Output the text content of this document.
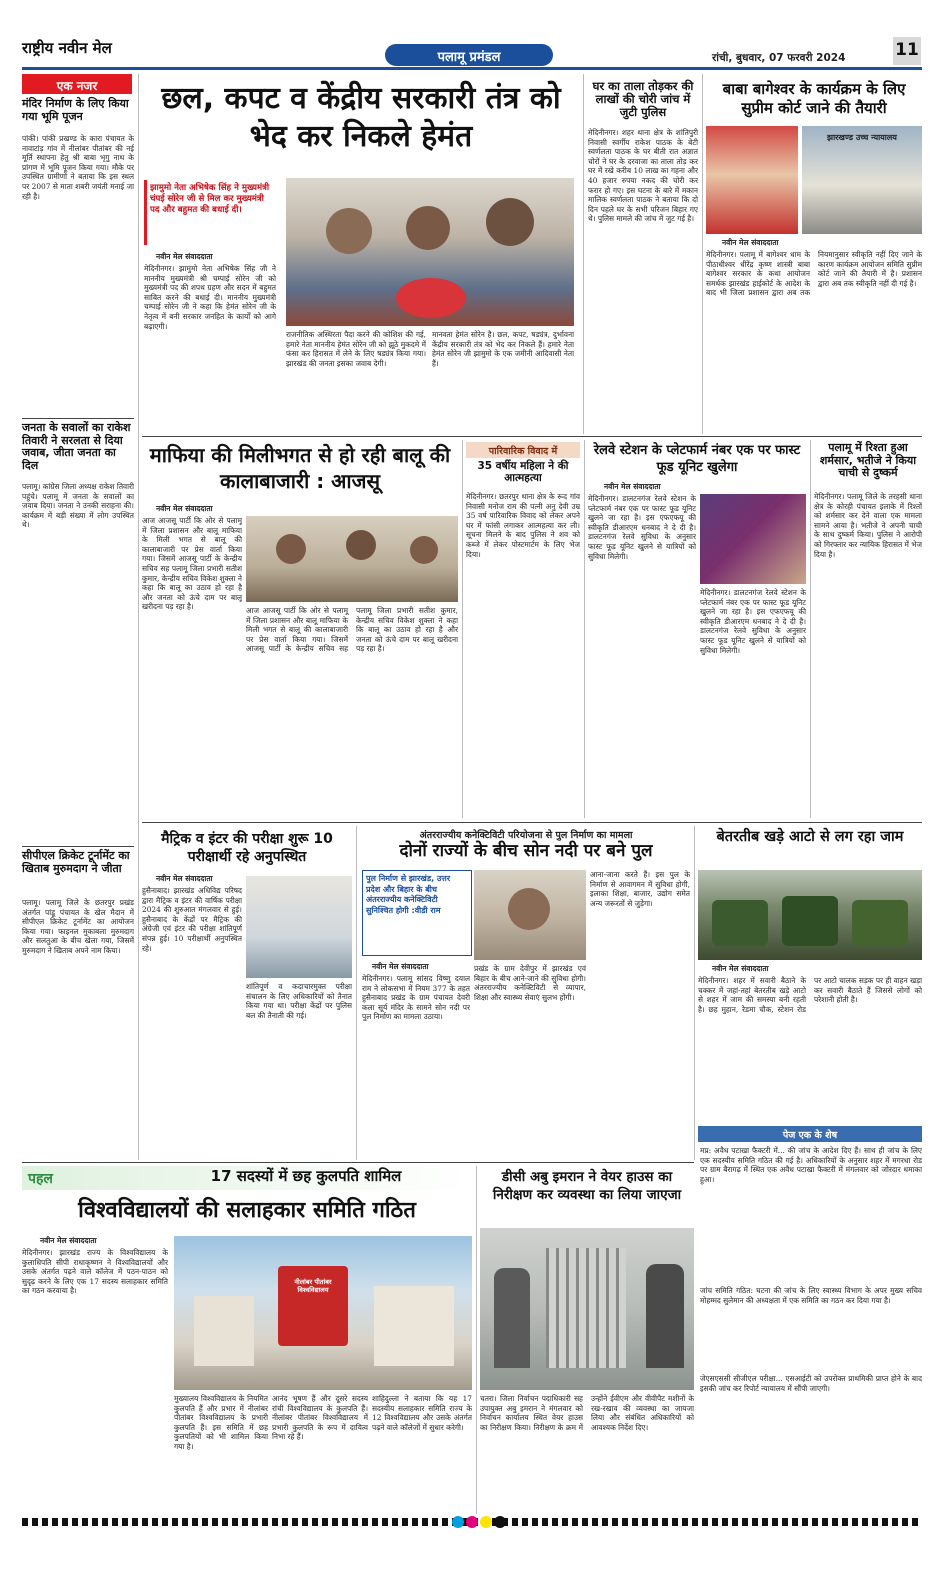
राष्ट्रीय नवीन मेल
पलामू प्रमंडल	रांची, बुधवार, 07 फरवरी 2024	11
एक नजर
मंदिर निर्माण के लिए किया गया भूमि पूजन
पांकी। पांकी प्रखण्ड के कारा पंचायत के नावाटांड़ गांव में नीलांबर पीतांबर की नई मूर्ति स्थापना हेतु श्री बाबा भृगु नाथ के प्रांगण में भूमि पूजन किया गया। मौके पर उपस्थित ग्रामीणों ने बताया कि इस स्थल पर 2007 से माता शबरी जयंती मनाई जा रही है।
जनता के सवालों का राकेश तिवारी ने सरलता से दिया जवाब, जीता जनता का दिल
पलामू। कांग्रेस जिला अध्यक्ष राकेश तिवारी पहुंचे। पलामू में जनता के सवालों का जवाब दिया। जनता ने उनकी सराहना की। कार्यक्रम में बड़ी संख्या में लोग उपस्थित थे।
सीपीएल क्रिकेट टूर्नामेंट का खिताब मुरुमदाग ने जीता
पलामू। पलामू जिले के छतरपुर प्रखंड अंतर्गत पांडू पंचायत के खेल मैदान में सीपीएल क्रिकेट टूर्नामेंट का आयोजन किया गया। फाइनल मुकाबला मुरुमदाग और सलतुआ के बीच खेला गया, जिसमें मुरुमदाग ने खिताब अपने नाम किया।
छल, कपट व केंद्रीय सरकारी तंत्र को भेद कर निकले हेमंत
झामुमो नेता अभिषेक सिंह ने मुख्यमंत्री चंपई सोरेन जी से मिल कर मुख्यमंत्री पद और बहुमत की बधाई दी।
नवीन मेल संवाददाता
मेदिनीनगर। झामुमो नेता अभिषेक सिंह जी ने माननीय मुख्यमंत्री श्री चम्पाई सोरेन जी को मुख्यमंत्री पद की शपथ ग्रहण और सदन में बहुमत साबित करने की बधाई दी। माननीय मुख्यमंत्री चम्पाई सोरेन जी ने कहा कि हेमंत सोरेन जी के नेतृत्व में बनी सरकार जनहित के कार्यों को आगे बढ़ाएगी।
राजनीतिक अस्थिरता पैदा करने की कोशिश की गई, हमारे नेता माननीय हेमंत सोरेन जी को झूठे मुकदमे में फंसा कर हिरासत में लेने के लिए षड्यंत्र किया गया। झारखंड की जनता इसका जवाब देगी।
मानवता हेमंत सोरेन है। छल, कपट, षड्यंत्र, दुर्भावना केंद्रीय सरकारी तंत्र को भेद कर निकले हैं। हमारे नेता हेमंत सोरेन जी झामुमो के एक जमीनी आदिवासी नेता हैं।
घर का ताला तोड़कर की लाखों की चोरी जांच में जुटी पुलिस
मेदिनीनगर। शहर थाना क्षेत्र के शांतिपुरी निवासी स्वर्गीय राकेश पाठक के बेटी स्वर्णलता पाठक के घर बीती रात अज्ञात चोरों ने घर के दरवाजा का ताला तोड़ कर घर में रखे करीब 10 लाख का गहना और 40 हजार रुपया नकद की चोरी कर फरार हो गए। इस घटना के बारे में मकान मालिक स्वर्णलता पाठक ने बताया कि दो दिन पहले घर के सभी परिजन बिहार गए थे। पुलिस मामले की जांच में जुट गई है।
बाबा बागेश्वर के कार्यक्रम के लिए सुप्रीम कोर्ट जाने की तैयारी
झारखण्ड उच्च न्यायालय
नवीन मेल संवाददाता
मेदिनीनगर। पलामू में बागेश्वर धाम के पीठाधीश्वर धीरेंद्र कृष्ण शास्त्री बाबा बागेश्वर सरकार के कथा आयोजन समर्थक झारखंड हाईकोर्ट के आदेश के बाद भी जिला प्रशासन द्वारा अब तक नियमानुसार स्वीकृति नहीं दिए जाने के कारण कार्यक्रम आयोजन समिति सुप्रीम कोर्ट जाने की तैयारी में है। प्रशासन द्वारा अब तक स्वीकृति नहीं दी गई है।
माफिया की मिलीभगत से हो रही बालू की कालाबाजारी : आजसू
नवीन मेल संवाददाता
आज आजसू पार्टी कि ओर से पलामू में जिला प्रशासन और बालू माफिया के मिली भगत से बालू की कालाबाजारी पर प्रेस वार्ता किया गया। जिसमें आजसू पार्टी के केन्द्रीय सचिव सह पलामू जिला प्रभारी सतीश कुमार, केन्द्रीय सचिव विकेश शुक्ला ने कहा कि बालू का उठाव हो रहा है और जनता को ऊंचे दाम पर बालू खरीदना पड़ रहा है।	आज आजसू पार्टी कि ओर से पलामू में जिला प्रशासन और बालू माफिया के मिली भगत से बालू की कालाबाजारी पर प्रेस वार्ता किया गया। जिसमें आजसू पार्टी के केन्द्रीय सचिव सह पलामू जिला प्रभारी सतीश कुमार, केन्द्रीय सचिव विकेश शुक्ला ने कहा कि बालू का उठाव हो रहा है और जनता को ऊंचे दाम पर बालू खरीदना पड़ रहा है।
पारिवारिक विवाद में
35 वर्षीय महिला ने की आत्महत्या
मेदिनीनगर। छतरपुर थाना क्षेत्र के रूद गांव निवासी मनोज राम की पत्नी अनु देवी उम्र 35 वर्ष पारिवारिक विवाद को लेकर अपने घर में फांसी लगाकर आत्महत्या कर ली। सूचना मिलने के बाद पुलिस ने शव को कब्जे में लेकर पोस्टमार्टम के लिए भेज दिया।
रेलवे स्टेशन के प्लेटफार्म नंबर एक पर फास्ट फूड यूनिट खुलेगा
नवीन मेल संवाददाता
मेदिनीनगर। डालटनगंज रेलवे स्टेशन के प्लेटफार्म नंबर एक पर फास्ट फूड यूनिट खुलने जा रहा है। इस एफएफयू की स्वीकृति डीआरएम धनबाद ने दे दी है। डालटनगंज रेलवे सुविधा के अनुसार फास्ट फूड यूनिट खुलने से यात्रियों को सुविधा मिलेगी।
मेदिनीनगर। डालटनगंज रेलवे स्टेशन के प्लेटफार्म नंबर एक पर फास्ट फूड यूनिट खुलने जा रहा है। इस एफएफयू की स्वीकृति डीआरएम धनबाद ने दे दी है। डालटनगंज रेलवे सुविधा के अनुसार फास्ट फूड यूनिट खुलने से यात्रियों को सुविधा मिलेगी।
पलामू में रिश्ता हुआ शर्मसार, भतीजे ने किया चाची से दुष्कर्म
मेदिनीनगर। पलामू जिले के तरहसी थाना क्षेत्र के कोरही पंचायत इलाके में रिश्तों को शर्मसार कर देने वाला एक मामला सामने आया है। भतीजे ने अपनी चाची के साथ दुष्कर्म किया। पुलिस ने आरोपी को गिरफ्तार कर न्यायिक हिरासत में भेज दिया है।
मैट्रिक व इंटर की परीक्षा शुरू 10 परीक्षार्थी रहे अनुपस्थित
नवीन मेल संवाददाता
हुसैनाबाद। झारखंड अधिविद्य परिषद द्वारा मैट्रिक व इंटर की वार्षिक परीक्षा 2024 की शुरुआत मंगलवार से हुई। हुसैनाबाद के केंद्रों पर मैट्रिक की अंग्रेजी एवं इंटर की परीक्षा शांतिपूर्ण संपन्न हुई। 10 परीक्षार्थी अनुपस्थित रहे।
शांतिपूर्ण व कदाचारमुक्त परीक्षा संचालन के लिए अधिकारियों को तैनात किया गया था। परीक्षा केंद्रों पर पुलिस बल की तैनाती की गई।
अंतरराज्यीय कनेक्टिविटी परियोजना से पुल निर्माण का मामला
दोनों राज्यों के बीच सोन नदी पर बने पुल
पुल निर्माण से झारखंड, उत्तर प्रदेश और बिहार के बीच अंतरराज्यीय कनेक्टिविटी सुनिश्चित होगी :वीडी राम
नवीन मेल संवाददाता
मेदिनीनगर। पलामू सांसद विष्णु दयाल राम ने लोकसभा में नियम 377 के तहत हुसैनाबाद प्रखंड के ग्राम पंचायत देवरी कला सूर्य मंदिर के सामने सोन नदी पर पुल निर्माण का मामला उठाया।
प्रखंड के ग्राम देवीपुर में झारखंड एवं बिहार के बीच आने-जाने की सुविधा होगी। अंतरराज्यीय कनेक्टिविटी से व्यापार, शिक्षा और स्वास्थ्य सेवाएं सुलभ होंगी।
आना-जाना करते हैं। इस पुल के निर्माण से आवागमन में सुविधा होगी, इलाका शिक्षा, बाजार, उद्योग समेत अन्य जरूरतों से जुड़ेगा।
बेतरतीब खड़े आटो से लग रहा जाम
नवीन मेल संवाददाता
मेदिनीनगर। शहर में सवारी बैठाने के चक्कर में जहां-तहां बेतरतीब खड़े आटो से शहर में जाम की समस्या बनी रहती है। छह मुहान, रेडमा चौक, स्टेशन रोड पर आटो चालक सड़क पर ही वाहन खड़ा कर सवारी बैठाते हैं जिससे लोगों को परेशानी होती है।
पेज एक के शेष
मप्र: अवैध पटाखा फैक्टरी में... की जांच के आदेश दिए हैं। साथ ही जांच के लिए एक सदस्यीय समिति गठित की गई है। अधिकारियों के अनुसार शहर में मगरधा रोड पर ग्राम बैरागढ़ में स्थित एक अवैध पटाखा फैक्टरी में मंगलवार को जोरदार धमाका हुआ।
जांच समिति गठित: घटना की जांच के लिए स्वास्थ्य विभाग के अपर मुख्य सचिव मोहम्मद सुलेमान की अध्यक्षता में एक समिति का गठन कर दिया गया है।
जेएसएससी सीजीएल परीक्षा... एसआईटी को उपरोक्त प्राथमिकी प्राप्त होने के बाद इसकी जांच कर रिपोर्ट न्यायालय में सौंपी जाएगी।
पहल	17 सदस्यों में छह कुलपति शामिल
विश्वविद्यालयों की सलाहकार समिति गठित
नवीन मेल संवाददाता
मेदिनीनगर। झारखंड राज्य के विश्वविद्यालय के कुलाधिपति सीपी राधाकृष्णन ने विश्वविद्यालयों और उसके अंतर्गत पढ़ने वाले कॉलेज में पठन-पाठन को सुदृढ़ करने के लिए एक 17 सदस्य सलाहकार समिति का गठन करवाया है।
नीलांबर पीतांबर विश्वविद्यालय
मुख्यालय विश्वविद्यालय के नियमित कुलपति हैं और प्रभार में नीलांबर पीतांबर विश्वविद्यालय के प्रभारी कुलपति हैं। इस समिति में छह कुलपतियों को भी शामिल किया गया है।
आनंद भूषण हैं और दूसरे सदस्य रांची विश्वविद्यालय के कुलपति हैं। नीलांबर पीतांबर विश्वविद्यालय में प्रभारी कुलपति के रूप में दायित्व निभा रहे हैं।
शाहिदुल्ला ने बताया कि यह 17 सदस्यीय सलाहकार समिति राज्य के 12 विश्वविद्यालय और उसके अंतर्गत पढ़ने वाले कॉलेजों में सुधार करेगी।
डीसी अबु इमरान ने वेयर हाउस का निरीक्षण कर व्यवस्था का लिया जाएजा
चतरा। जिला निर्वाचन पदाधिकारी सह उपायुक्त अबु इमरान ने मंगलवार को निर्वाचन कार्यालय स्थित वेयर हाउस का निरीक्षण किया। निरीक्षण के क्रम में उन्होंने ईवीएम और वीवीपैट मशीनों के रख-रखाव की व्यवस्था का जायजा लिया और संबंधित अधिकारियों को आवश्यक निर्देश दिए।
